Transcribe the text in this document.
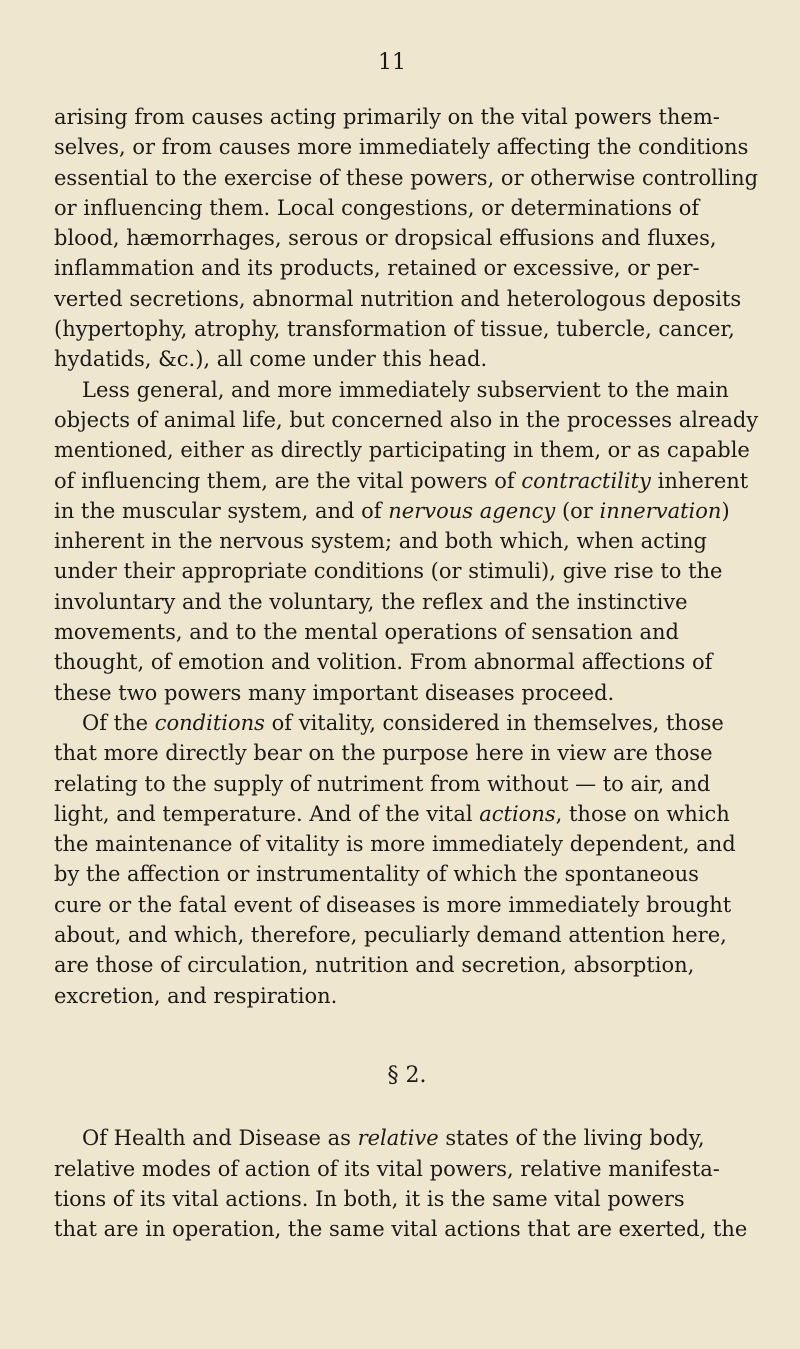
11
arising from causes acting primarily on the vital powers them-
selves, or from causes more immediately affecting the conditions
essential to the exercise of these powers, or otherwise controlling
or influencing them. Local congestions, or determinations of
blood, hæmorrhages, serous or dropsical effusions and fluxes,
inflammation and its products, retained or excessive, or per-
verted secretions, abnormal nutrition and heterologous deposits
(hypertophy, atrophy, transformation of tissue, tubercle, cancer,
hydatids, &c.), all come under this head.
Less general, and more immediately subservient to the main
objects of animal life, but concerned also in the processes already
mentioned, either as directly participating in them, or as capable
of influencing them, are the vital powers of contractility inherent
in the muscular system, and of nervous agency (or innervation)
inherent in the nervous system; and both which, when acting
under their appropriate conditions (or stimuli), give rise to the
involuntary and the voluntary, the reflex and the instinctive
movements, and to the mental operations of sensation and
thought, of emotion and volition. From abnormal affections of
these two powers many important diseases proceed.
Of the conditions of vitality, considered in themselves, those
that more directly bear on the purpose here in view are those
relating to the supply of nutriment from without — to air, and
light, and temperature. And of the vital actions, those on which
the maintenance of vitality is more immediately dependent, and
by the affection or instrumentality of which the spontaneous
cure or the fatal event of diseases is more immediately brought
about, and which, therefore, peculiarly demand attention here,
are those of circulation, nutrition and secretion, absorption,
excretion, and respiration.
§ 2.
Of Health and Disease as relative states of the living body,
relative modes of action of its vital powers, relative manifesta-
tions of its vital actions. In both, it is the same vital powers
that are in operation, the same vital actions that are exerted, the
